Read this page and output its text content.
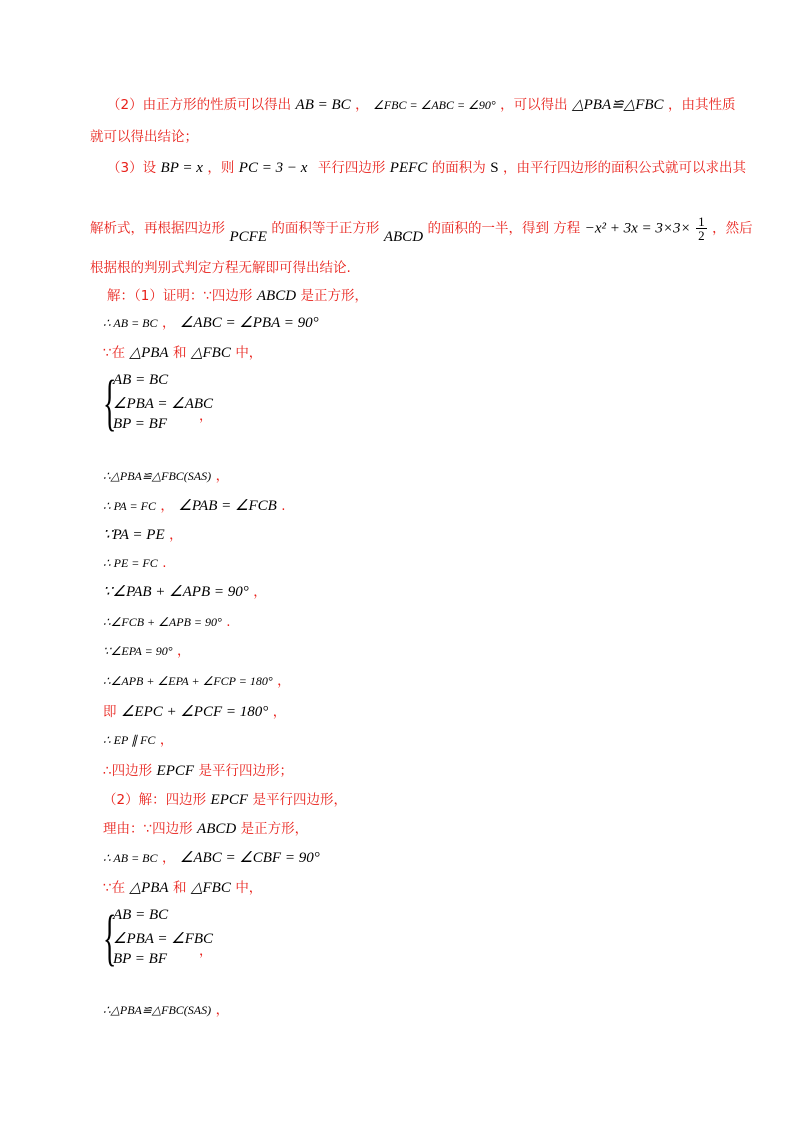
（2）由正方形的性质可以得出 AB = BC ， ∠FBC = ∠ABC = ∠90° ，可以得出 △PBA≌△FBC ，由其性质
就可以得出结论；
（3）设 BP = x ，则 PC = 3 − x 平行四边形 PEFC 的面积为 S ，由平行四边形的面积公式就可以求出其
解析式，再根据四边形 PCFE 的面积等于正方形 ABCD 的面积的一半，得到 方程 $-x^2 + 3x = 3\times 3\times \frac{1}{2}$ ，然后
根据根的判别式判定方程无解即可得出结论.
解：（1）证明：∵四边形 ABCD 是正方形，
∴ AB = BC ， ∠ABC = ∠PBA = 90°
∵在 △PBA 和 △FBC 中，
{
AB = BC
∠PBA = ∠ABC
BP = BF ，
∴△PBA≌△FBC(SAS) ，
∴ PA = FC ， ∠PAB = ∠FCB .
∵PA = PE ，
∴ PE = FC .
∵∠PAB + ∠APB = 90° ，
∴∠FCB + ∠APB = 90° .
∵∠EPA = 90° ，
∴∠APB + ∠EPA + ∠FCP = 180° ，
即 ∠EPC + ∠PCF = 180° ，
∴ EP ∥ FC ，
∴四边形 EPCF 是平行四边形；
（2）解：四边形 EPCF 是平行四边形，
理由：∵四边形 ABCD 是正方形，
∴ AB = BC ， ∠ABC = ∠CBF = 90°
∵在 △PBA 和 △FBC 中，
{
AB = BC
∠PBA = ∠FBC
BP = BF ，
∴△PBA≌△FBC(SAS) ，
